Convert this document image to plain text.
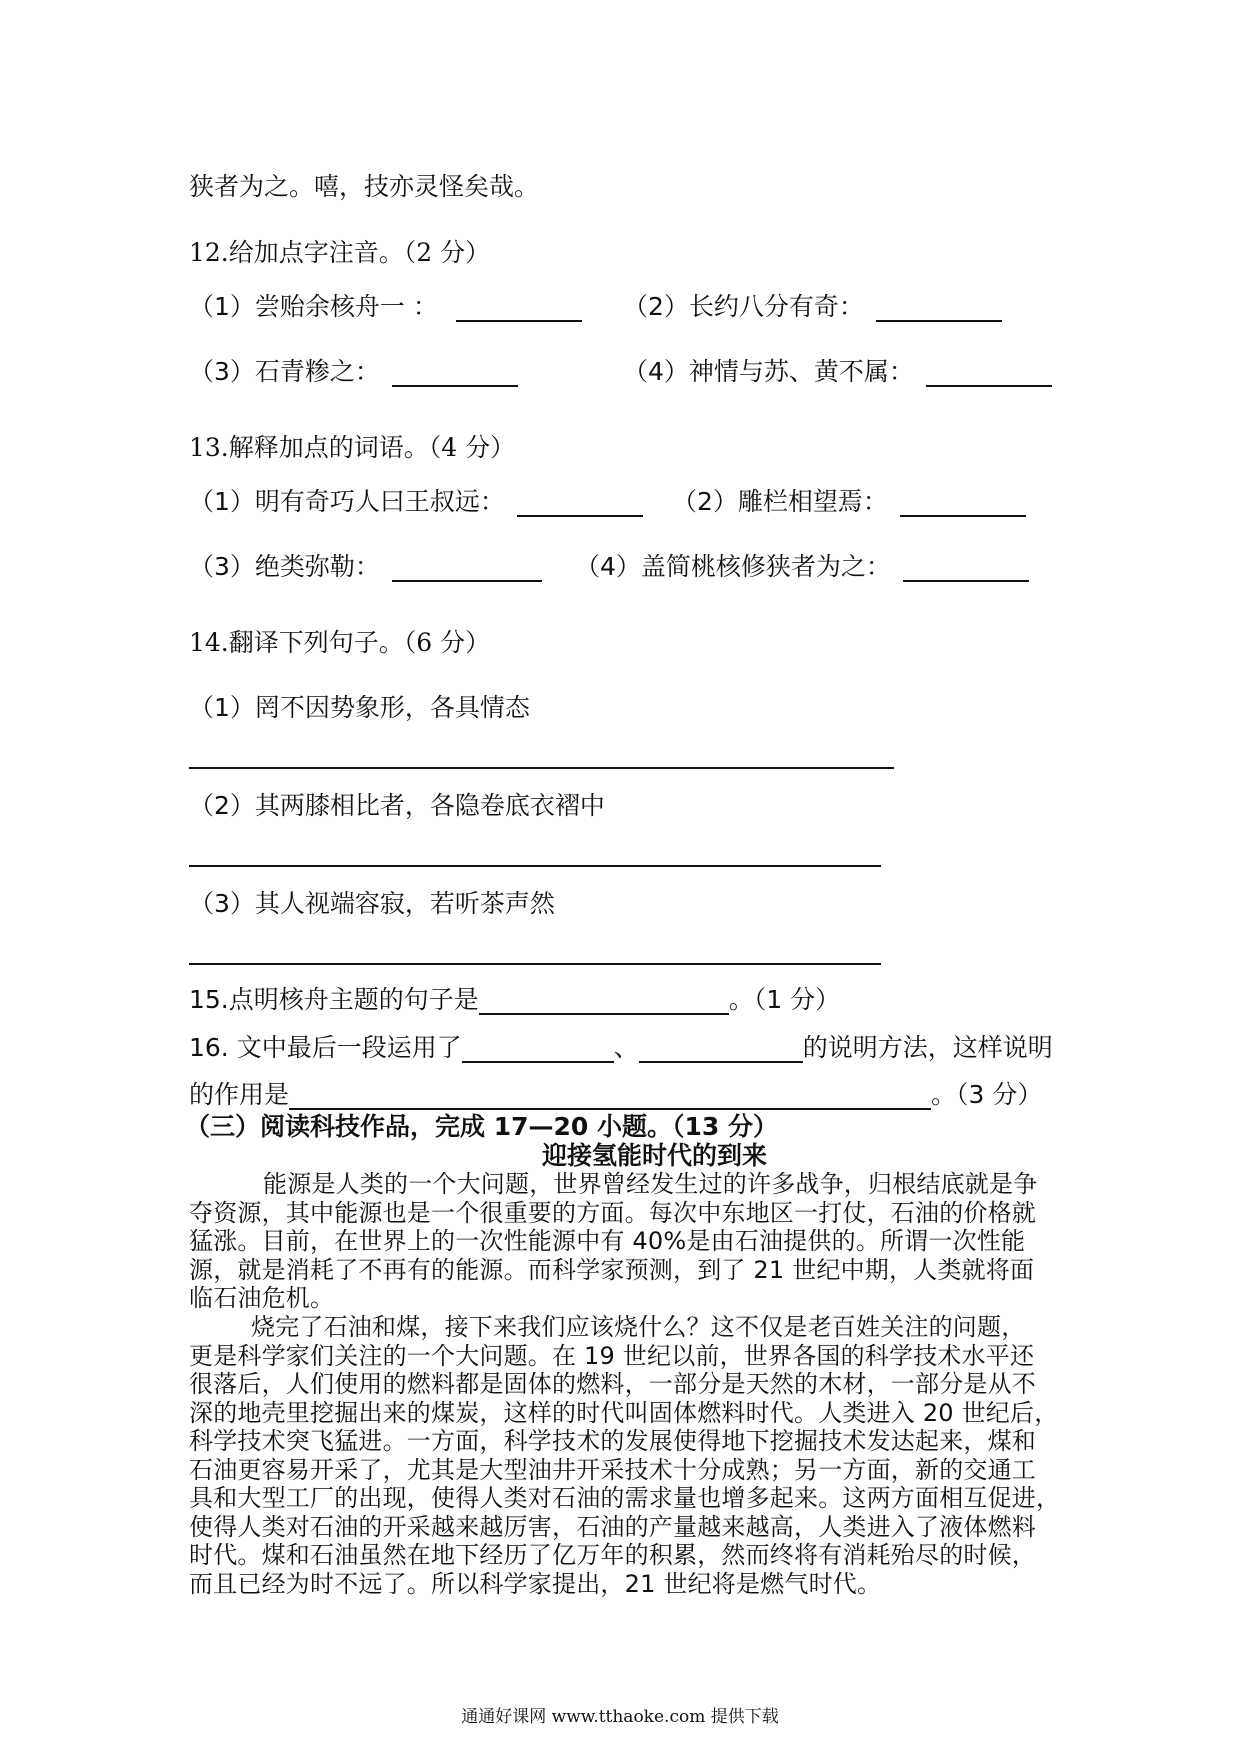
狭者为之。嘻，技亦灵怪矣哉。
12.给加点字注音。（2 分）
（1）尝贻余核舟一 ：	（2）长约八分有奇：
（3）石青糁之：	（4）神情与苏、黄不属：
13.解释加点的词语。（4 分）
（1）明有奇巧人曰王叔远：	（2）雕栏相望焉：
（3）绝类弥勒：	（4）盖简桃核修狭者为之：
14.翻译下列句子。（6 分）
（1）罔不因势象形，各具情态
（2）其两膝相比者，各隐卷底衣褶中
（3）其人视端容寂，若听茶声然
15.点明核舟主题的句子是	。（1 分）
16. 文中最后一段运用了	、	的说明方法，这样说明
的作用是	。（3 分）
（三）阅读科技作品，完成 17—20 小题。（13 分）
迎接氢能时代的到来
能源是人类的一个大问题，世界曾经发生过的许多战争，归根结底就是争
夺资源，其中能源也是一个很重要的方面。每次中东地区一打仗，石油的价格就
猛涨。目前，在世界上的一次性能源中有 40%是由石油提供的。所谓一次性能
源，就是消耗了不再有的能源。而科学家预测，到了 21 世纪中期，人类就将面
临石油危机。
烧完了石油和煤，接下来我们应该烧什么？这不仅是老百姓关注的问题，
更是科学家们关注的一个大问题。在 19 世纪以前，世界各国的科学技术水平还
很落后，人们使用的燃料都是固体的燃料，一部分是天然的木材，一部分是从不
深的地壳里挖掘出来的煤炭，这样的时代叫固体燃料时代。人类进入 20 世纪后，
科学技术突飞猛进。一方面，科学技术的发展使得地下挖掘技术发达起来，煤和
石油更容易开采了，尤其是大型油井开采技术十分成熟；另一方面，新的交通工
具和大型工厂的出现，使得人类对石油的需求量也增多起来。这两方面相互促进，
使得人类对石油的开采越来越厉害，石油的产量越来越高，人类进入了液体燃料
时代。煤和石油虽然在地下经历了亿万年的积累，然而终将有消耗殆尽的时候，
而且已经为时不远了。所以科学家提出，21 世纪将是燃气时代。
通通好课网 www.tthaoke.com 提供下载
